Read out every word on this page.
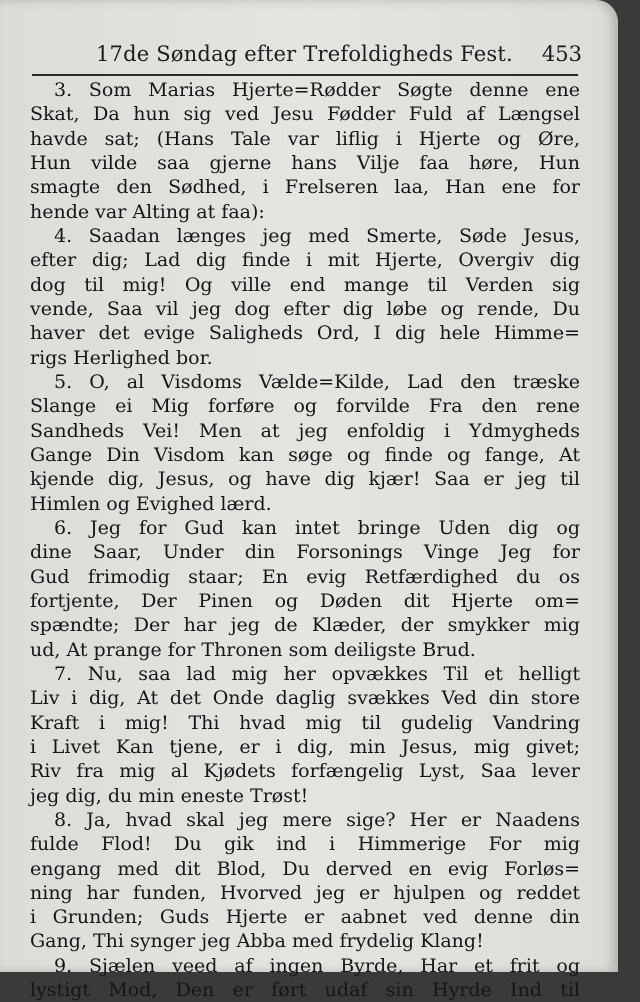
17de Søndag efter Trefoldigheds Fest. 453
3. Som Marias Hjerte=Rødder Søgte denne ene
Skat, Da hun sig ved Jesu Fødder Fuld af Længsel
havde sat; (Hans Tale var liflig i Hjerte og Øre,
Hun vilde saa gjerne hans Vilje faa høre, Hun
smagte den Sødhed, i Frelseren laa, Han ene for
hende var Alting at faa):
4. Saadan længes jeg med Smerte, Søde Jesus,
efter dig; Lad dig finde i mit Hjerte, Overgiv dig
dog til mig! Og ville end mange til Verden sig
vende, Saa vil jeg dog efter dig løbe og rende, Du
haver det evige Saligheds Ord, I dig hele Himme=
rigs Herlighed bor.
5. O, al Visdoms Vælde=Kilde, Lad den træske
Slange ei Mig forføre og forvilde Fra den rene
Sandheds Vei! Men at jeg enfoldig i Ydmygheds
Gange Din Visdom kan søge og finde og fange, At
kjende dig, Jesus, og have dig kjær! Saa er jeg til
Himlen og Evighed lærd.
6. Jeg for Gud kan intet bringe Uden dig og
dine Saar, Under din Forsonings Vinge Jeg for
Gud frimodig staar; En evig Retfærdighed du os
fortjente, Der Pinen og Døden dit Hjerte om=
spændte; Der har jeg de Klæder, der smykker mig
ud, At prange for Thronen som deiligste Brud.
7. Nu, saa lad mig her opvækkes Til et helligt
Liv i dig, At det Onde daglig svækkes Ved din store
Kraft i mig! Thi hvad mig til gudelig Vandring
i Livet Kan tjene, er i dig, min Jesus, mig givet;
Riv fra mig al Kjødets forfængelig Lyst, Saa lever
jeg dig, du min eneste Trøst!
8. Ja, hvad skal jeg mere sige? Her er Naadens
fulde Flod! Du gik ind i Himmerige For mig
engang med dit Blod, Du derved en evig Forløs=
ning har funden, Hvorved jeg er hjulpen og reddet
i Grunden; Guds Hjerte er aabnet ved denne din
Gang, Thi synger jeg Abba med frydelig Klang!
9. Sjælen veed af ingen Byrde, Har et frit og
lystigt Mod, Den er ført udaf sin Hyrde Ind til
